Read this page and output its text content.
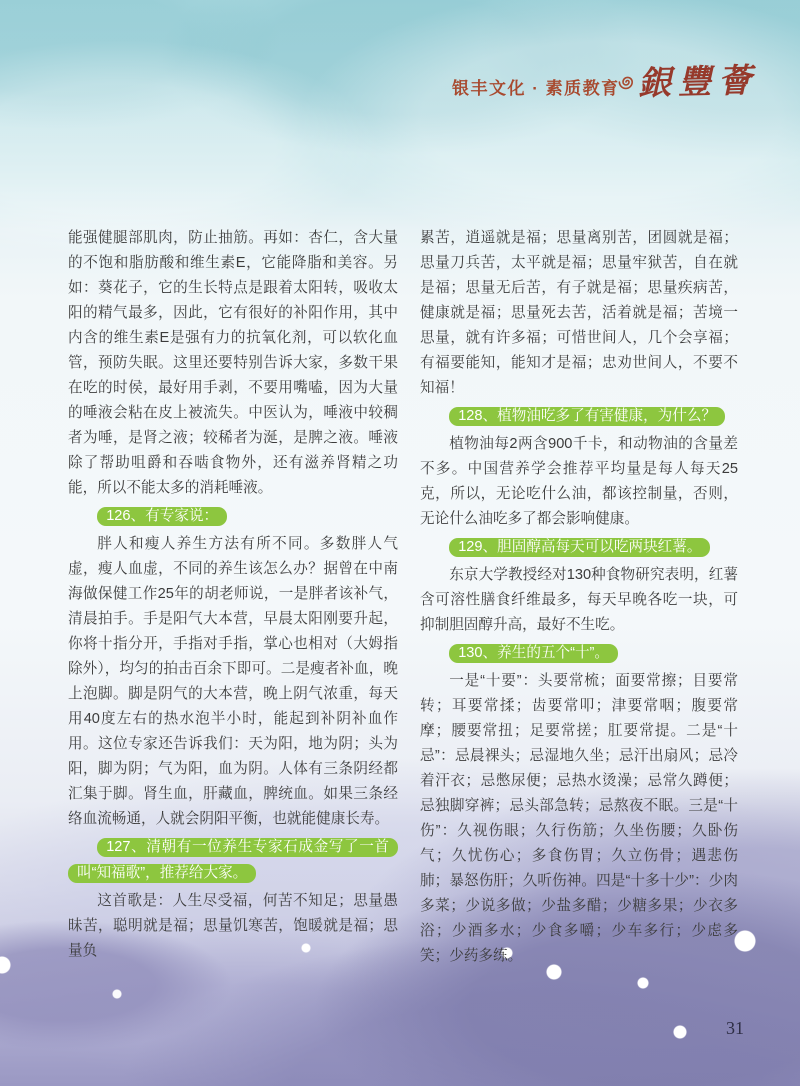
银丰文化 · 素质教育 銀豐薈

能强健腿部肌肉，防止抽筋。再如：杏仁，含大量的不饱和脂肪酸和维生素E，它能降脂和美容。另如：葵花子，它的生长特点是跟着太阳转，吸收太阳的精气最多，因此，它有很好的补阳作用，其中内含的维生素E是强有力的抗氧化剂，可以软化血管，预防失眠。这里还要特别告诉大家，多数干果在吃的时侯，最好用手剥，不要用嘴嗑，因为大量的唾液会粘在皮上被流失。中医认为，唾液中较稠者为唾，是肾之液；较稀者为涎，是脾之液。唾液除了帮助咀爵和吞啮食物外，还有滋养肾精之功能，所以不能太多的消耗唾液。

126、有专家说：

胖人和瘦人养生方法有所不同。多数胖人气虚，瘦人血虚，不同的养生该怎么办？据曾在中南海做保健工作25年的胡老师说，一是胖者该补气，清晨拍手。手是阳气大本营，早晨太阳刚要升起，你将十指分开，手指对手指，掌心也相对（大姆指除外），均匀的拍击百余下即可。二是瘦者补血，晚上泡脚。脚是阴气的大本营，晚上阴气浓重，每天用40度左右的热水泡半小时，能起到补阴补血作用。这位专家还告诉我们：天为阳，地为阴；头为阳，脚为阴；气为阳，血为阴。人体有三条阴经都汇集于脚。肾生血，肝藏血，脾统血。如果三条经络血流畅通，人就会阴阳平衡，也就能健康长寿。

127、清朝有一位养生专家石成金写了一首叫“知福歌”，推荐给大家。

这首歌是：人生尽受福，何苦不知足；思量愚昧苦，聪明就是福；思量饥寒苦，饱暖就是福；思量负

累苦，逍遥就是福；思量离别苦，团圆就是福；思量刀兵苦，太平就是福；思量牢狱苦，自在就是福；思量无后苦，有子就是福；思量疾病苦，健康就是福；思量死去苦，活着就是福；苦境一思量，就有许多福；可惜世间人，几个会享福；有福要能知，能知才是福；忠劝世间人，不要不知福！

128、植物油吃多了有害健康，为什么？

植物油每2两含900千卡，和动物油的含量差不多。中国营养学会推荐平均量是每人每天25克，所以，无论吃什么油，都该控制量，否则，无论什么油吃多了都会影响健康。

129、胆固醇高每天可以吃两块红薯。

东京大学教授经对130种食物研究表明，红薯含可溶性膳食纤维最多，每天早晚各吃一块，可抑制胆固醇升高，最好不生吃。

130、养生的五个“十”。

一是“十要”：头要常梳；面要常擦；目要常转；耳要常揉；齿要常叩；津要常咽；腹要常摩；腰要常扭；足要常搓；肛要常提。二是“十忌”：忌晨裸头；忌湿地久坐；忌汗出扇风；忌冷着汗衣；忌憋尿便；忌热水烫澡；忌常久蹲便；忌独脚穿裤；忌头部急转；忌熬夜不眠。三是“十伤”：久视伤眼；久行伤筋；久坐伤腰；久卧伤气；久忧伤心；多食伤胃；久立伤骨；遇悲伤肺；暴怒伤肝；久听伤神。四是“十多十少”：少肉多菜；少说多做；少盐多醋；少糖多果；少衣多浴；少酒多水；少食多嚼；少车多行；少虑多笑；少药多练。

31
